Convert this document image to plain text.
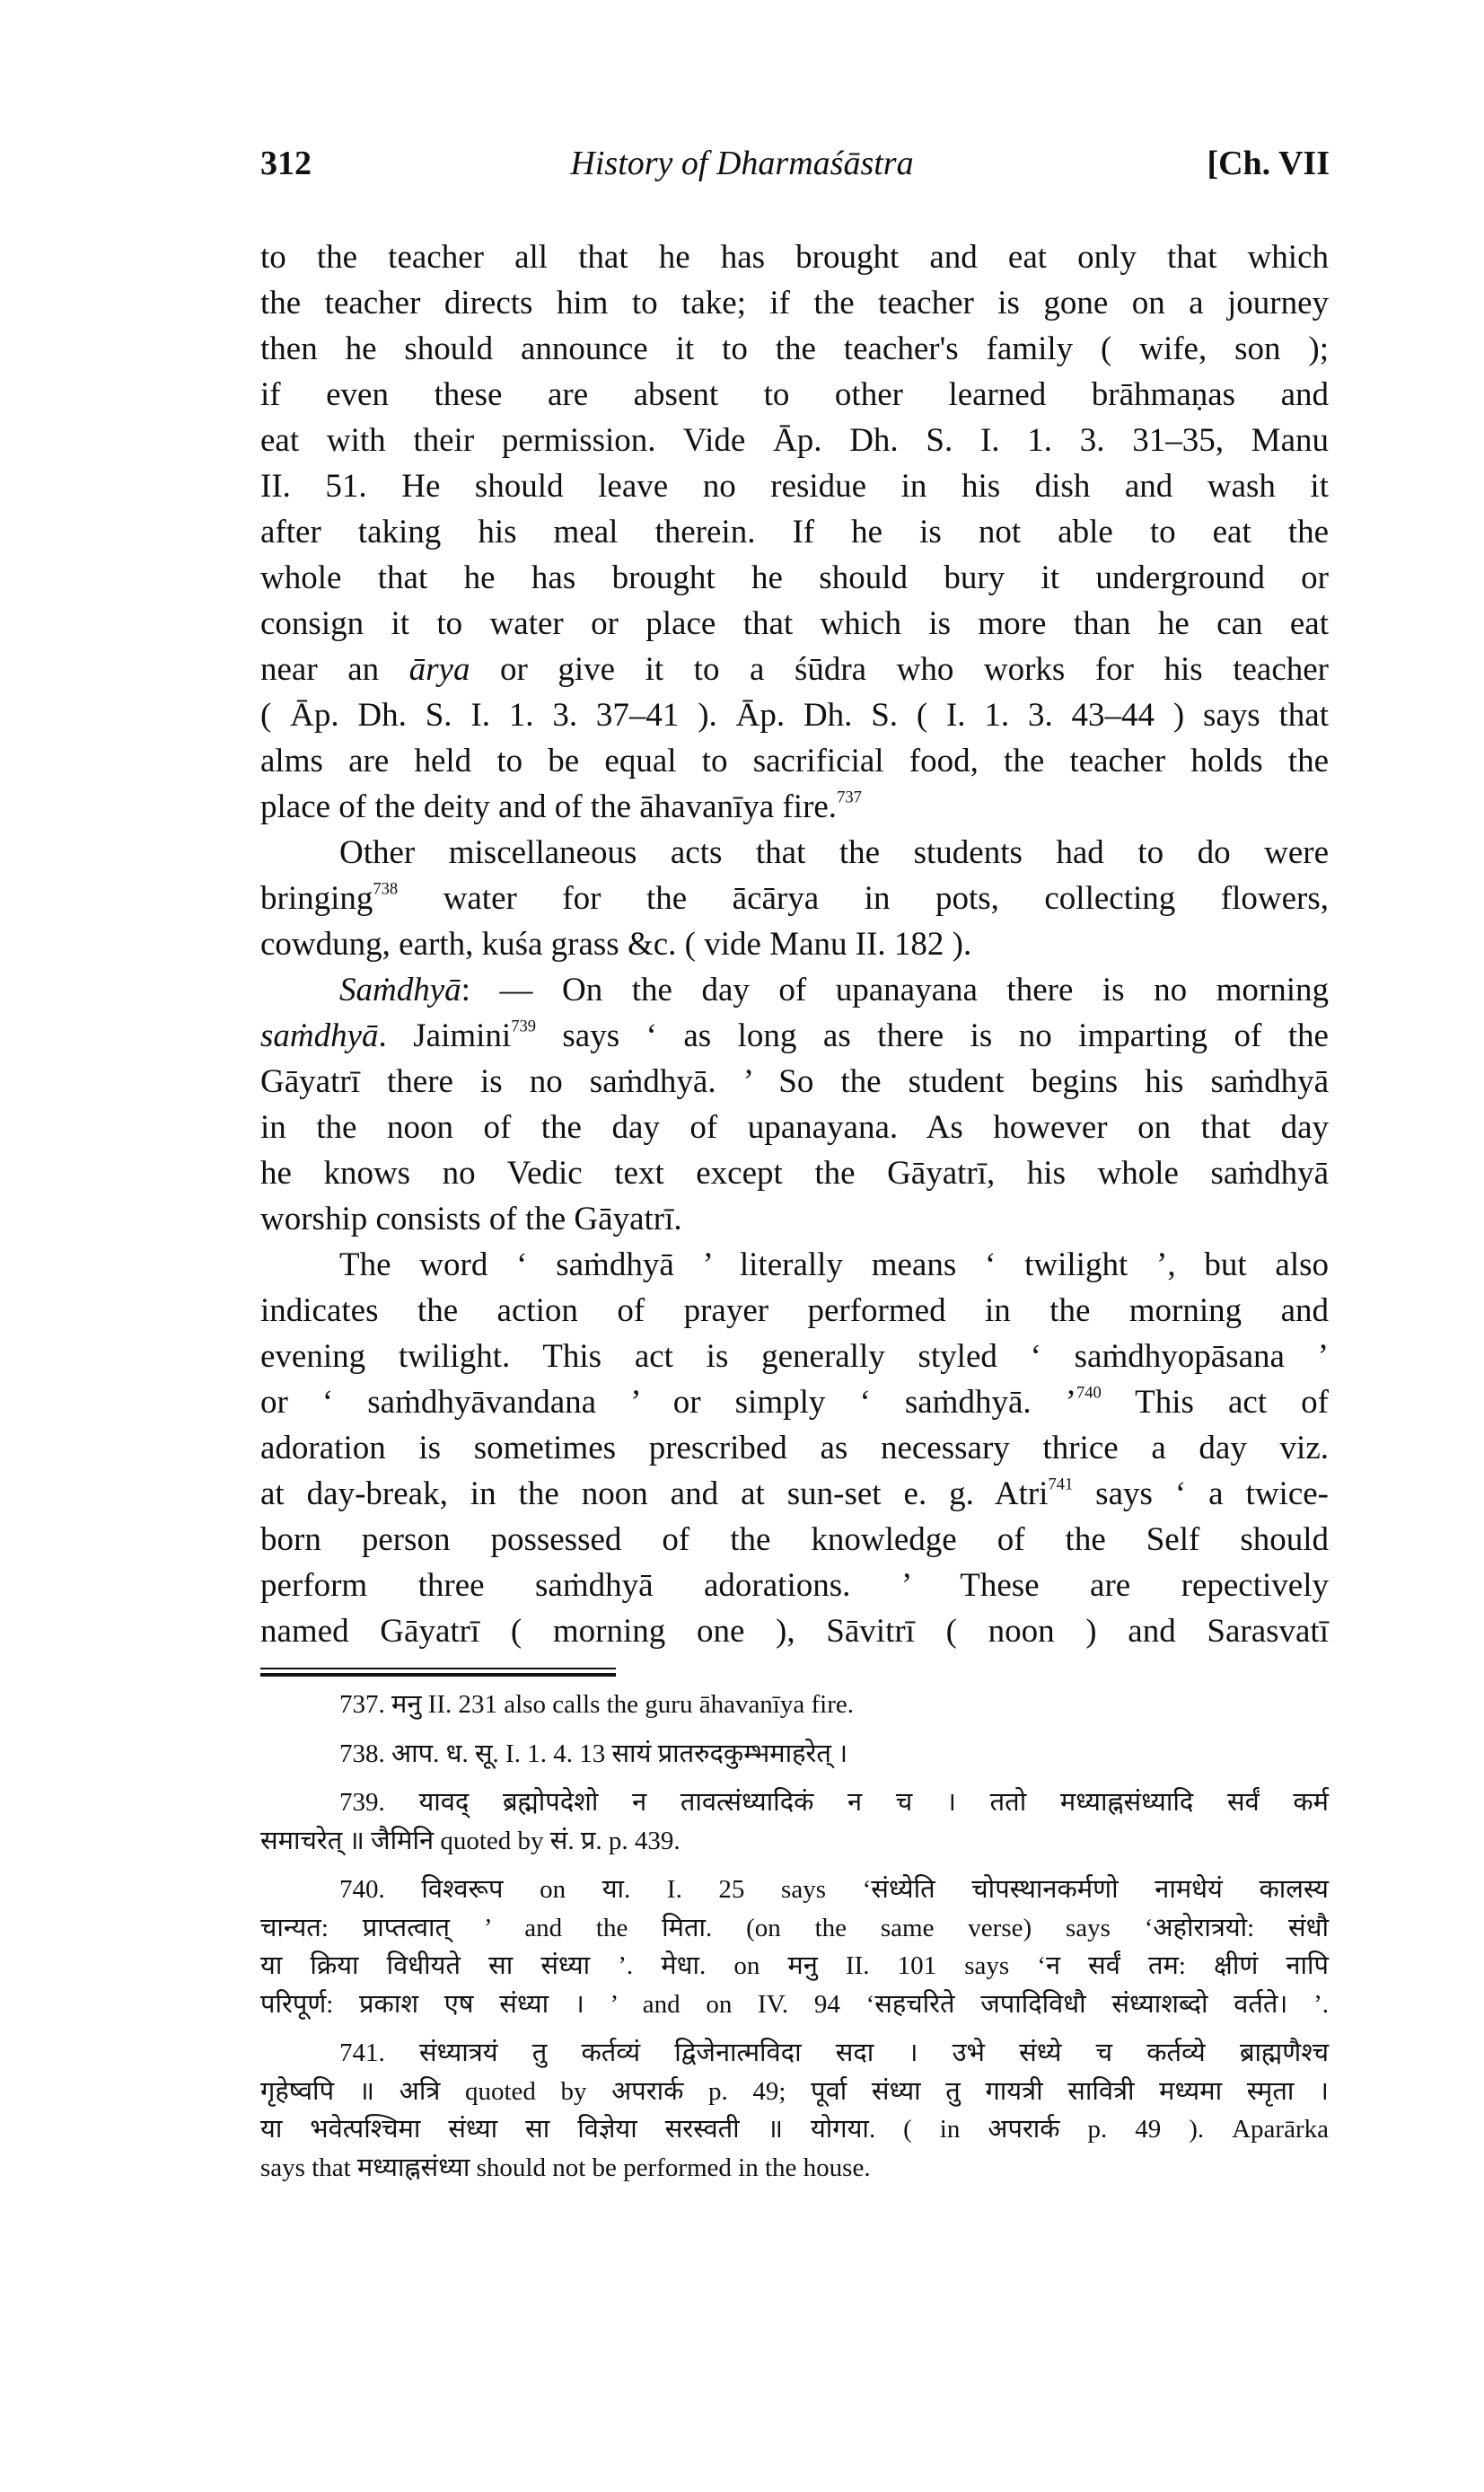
312	History of Dharmaśāstra	[Ch. VII
to the teacher all that he has brought and eat only that which
the teacher directs him to take; if the teacher is gone on a journey
then he should announce it to the teacher's family ( wife, son );
if even these are absent to other learned brāhmaṇas and
eat with their permission. Vide Āp. Dh. S. I. 1. 3. 31–35, Manu
II. 51. He should leave no residue in his dish and wash it
after taking his meal therein. If he is not able to eat the
whole that he has brought he should bury it underground or
consign it to water or place that which is more than he can eat
near an ārya or give it to a śūdra who works for his teacher
( Āp. Dh. S. I. 1. 3. 37–41 ). Āp. Dh. S. ( I. 1. 3. 43–44 ) says that
alms are held to be equal to sacrificial food, the teacher holds the
place of the deity and of the āhavanīya fire.$^{737}$
Other miscellaneous acts that the students had to do were
bringing$^{738}$ water for the ācārya in pots, collecting flowers,
cowdung, earth, kuśa grass &c. ( vide Manu II. 182 ).
Saṁdhyā: — On the day of upanayana there is no morning
saṁdhyā. Jaimini$^{739}$ says ‘ as long as there is no imparting of the
Gāyatrī there is no saṁdhyā. ’ So the student begins his saṁdhyā
in the noon of the day of upanayana. As however on that day
he knows no Vedic text except the Gāyatrī, his whole saṁdhyā
worship consists of the Gāyatrī.
The word ‘ saṁdhyā ’ literally means ‘ twilight ’, but also
indicates the action of prayer performed in the morning and
evening twilight. This act is generally styled ‘ saṁdhyopāsana ’
or ‘ saṁdhyāvandana ’ or simply ‘ saṁdhyā. ’$^{740}$ This act of
adoration is sometimes prescribed as necessary thrice a day viz.
at day-break, in the noon and at sun-set e. g. Atri$^{741}$ says ‘ a twice-
born person possessed of the knowledge of the Self should
perform three saṁdhyā adorations. ’ These are repectively
named Gāyatrī ( morning one ), Sāvitrī ( noon ) and Sarasvatī
737. मनु II. 231 also calls the guru āhavanīya fire.
738. आप. ध. सू. I. 1. 4. 13 सायं प्रातरुदकुम्भमाहरेत् ।
739. यावद् ब्रह्मोपदेशो न तावत्संध्यादिकं न च । ततो मध्याह्नसंध्यादि सर्वं कर्म
समाचरेत् ॥ जैमिनि quoted by सं. प्र. p. 439.
740. विश्वरूप on या. I. 25 says ‘संध्येति चोपस्थानकर्मणो नामधेयं कालस्य
चान्यत: प्राप्तत्वात् ’ and the मिता. (on the same verse) says ‘अहोरात्रयो: संधौ
या क्रिया विधीयते सा संध्या ’. मेधा. on मनु II. 101 says ‘न सर्वं तम: क्षीणं नापि
परिपूर्ण: प्रकाश एष संध्या । ’ and on IV. 94 ‘सहचरिते जपादिविधौ संध्याशब्दो वर्तते। ’.
741. संध्यात्रयं तु कर्तव्यं द्विजेनात्मविदा सदा । उभे संध्ये च कर्तव्ये ब्राह्मणैश्च
गृहेष्वपि ॥ अत्रि quoted by अपरार्क p. 49; पूर्वा संध्या तु गायत्री सावित्री मध्यमा स्मृता ।
या भवेत्पश्चिमा संध्या सा विज्ञेया सरस्वती ॥ योगया. ( in अपरार्क p. 49 ). Aparārka
says that मध्याह्नसंध्या should not be performed in the house.
